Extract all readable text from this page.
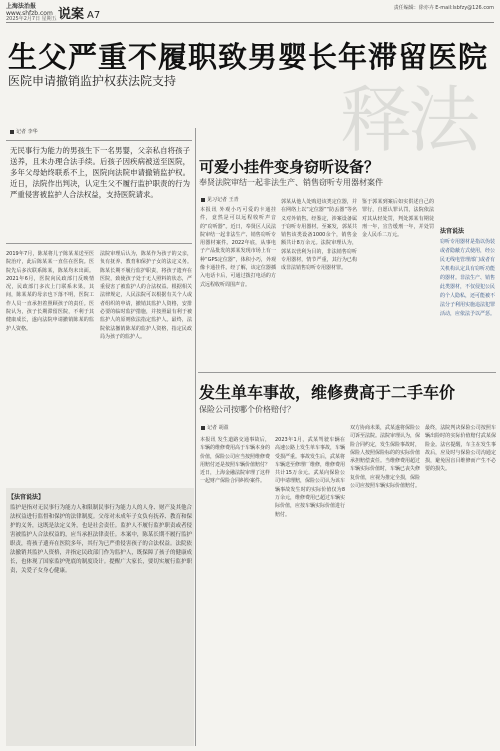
上海法治报
www.shfzb.com
2025年2月7日 星期五 说案 A7
责任编辑：徐亦卉 E-mail:lsbfzy@126.com
释法
生父严重不履职致男婴长年滞留医院
医院申请撤销监护权获法院支持
记者 李华
无民事行为能力的男孩生下一名男婴，父亲私自将孩子送养，且未办理合法手续。后孩子因疾病被送至医院，多年父母始终联系不上，医院向法院申请撤销监护权。近日，法院作出判决，认定生父不履行监护职责的行为严重侵害被监护人合法权益，支持医院请求。
2019年7月，陈某将儿子陈某某送至医院治疗，此后陈某某一直住在医院。医院先后多次联系陈某，陈某均未出面。2021年6月，医院向民政部门反映情况，民政部门多次上门联系未果。其间，陈某某的母亲也下落不明，医院工作人员一直承担着照顾孩子的责任。医院认为，孩子长期滞留医院，不利于其健康成长，遂向法院申请撤销陈某的监护人资格。
法院审理后认为，陈某作为孩子的父亲，负有抚养、教育和保护子女的法定义务。陈某长期不履行监护职责，将孩子遗弃在医院，致使孩子处于无人照料的状态，严重侵害了被监护人的合法权益。根据相关法律规定，人民法院可以根据有关个人或者组织的申请，撤销其监护人资格，安排必要的临时监护措施，并按照最有利于被监护人的原则依法指定监护人。最终，法院依法撤销陈某的监护人资格，指定民政局为孩子的监护人。
【法官说法】
监护是指对无民事行为能力人和限制民事行为能力人的人身、财产及其他合法权益进行监督和保护的法律制度。父母对未成年子女负有抚养、教育和保护的义务，这既是法定义务，也是社会责任。监护人不履行监护职责或者侵害被监护人合法权益的，应当承担法律责任。本案中，陈某长期不履行监护职责，将孩子遗弃在医院多年，其行为已严重侵害孩子的合法权益。法院依法撤销其监护人资格，并指定民政部门作为监护人，既保障了孩子的健康成长，也体现了国家监护兜底的制度设计。提醒广大家长，要切实履行监护职责，关爱子女身心健康。
可爱小挂件变身窃听设备？
奉贤法院审结一起非法生产、销售窃听专用器材案件
见习记者 王青
本报讯 外观小巧可爱的卡通挂件，竟然是可以远程收听声音的“窃听器”。近日，奉贤区人民法院审结一起非法生产、销售窃听专用器材案件。2022年底，从事电子产品批发的郭某发现市场上有一种“GPS定位器”，体积小巧，外观像卡通挂件。经了解，该定位器插入电话卡后，可通过拨打电话的方式远程收听周围声音。
郭某从他人处购进该类定位器，并在网络上以“定位器”“防丢器”等名义对外销售。经鉴定，涉案设备属于窃听专用器材。至案发，郭某共销售该类设备1000余个，销售金额共计8万余元。法院审理认为，郭某以营利为目的，非法销售窃听专用器材，情节严重，其行为已构成非法销售窃听专用器材罪。
鉴于郭某到案后如实供述自己的罪行，自愿认罪认罚，法院依法对其从轻处罚，判处郭某有期徒刑一年，宣告缓刑一年，并处罚金人民币二万元。
法官说法
窃听专用器材是指以伪装或者隐蔽方式使用，经公民无线电管理部门或者有关机构认定具有窃听功能的器材。非法生产、销售此类器材，不仅侵犯公民的个人隐私，还可能被不法分子利用实施违法犯罪活动，应依法予以严惩。
发生单车事故，维修费高于二手车价
保险公司按哪个价格赔付？
记者 胡盈
本报讯 发生道路交通事故后，车辆的维修费用高于车辆本身的价值，保险公司应当按照维修费用赔付还是按照车辆价值赔付？近日，上海金融法院审理了这样一起财产保险合同纠纷案件。
2023年1月，武某驾驶车辆在高速公路上发生单车事故，车辆受损严重。事故发生后，武某将车辆送至修理厂维修，维修费用共计15万余元。武某向保险公司申请理赔，保险公司认为该车辆事故发生时的实际价值仅为8万余元，维修费用已超过车辆实际价值，应按车辆实际价值进行赔付。
双方协商未果，武某遂将保险公司诉至法院。法院审理认为，保险合同约定，发生保险事故时，保险人按照保险标的的实际价值承担赔偿责任。当维修费用超过车辆实际价值时，车辆已丧失修复价值，应视为推定全损，保险公司应按照车辆实际价值赔付。
最终，法院判决保险公司按照车辆出险时的实际价值赔付武某保险金。法官提醒，车主在发生事故后，应及时与保险公司沟通定损，避免因盲目维修而产生不必要的损失。
